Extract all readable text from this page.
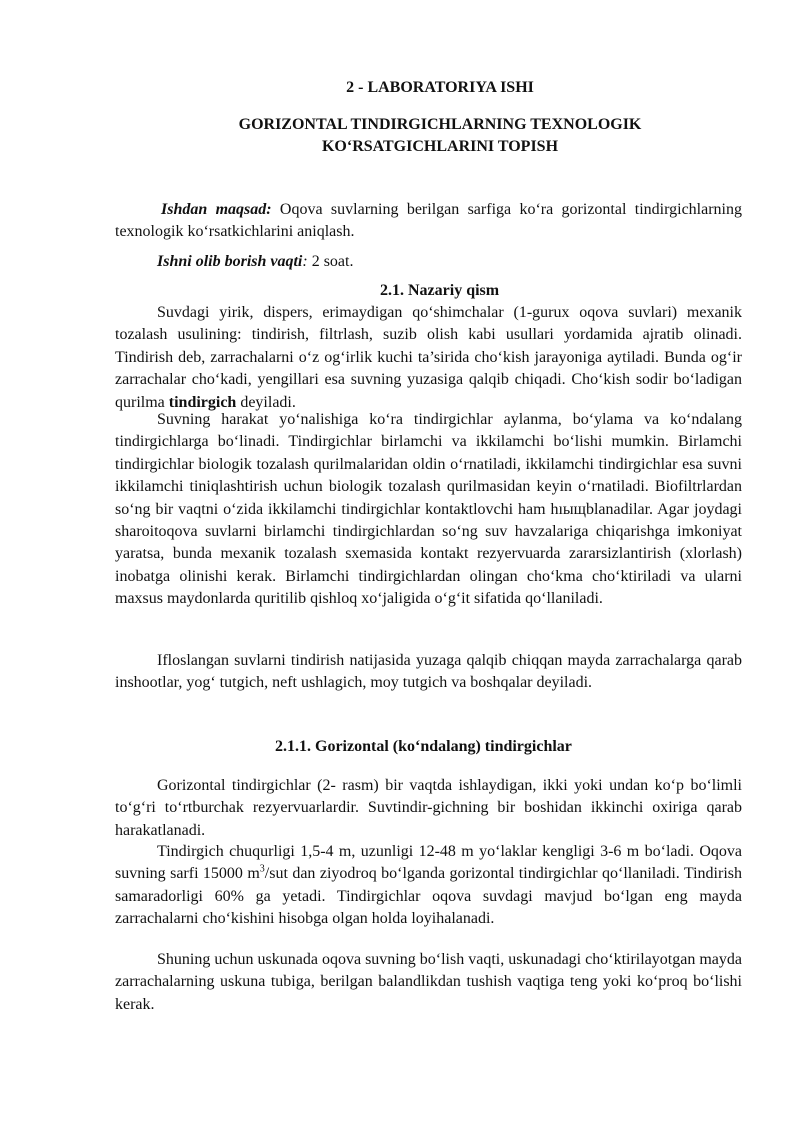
2 - LABORATORIYA ISHI
GORIZONTAL TINDIRGICHLARNING TEXNOLOGIK
KO‘RSATGICHLARINI TOPISH
Ishdan maqsad: Oqova suvlarning berilgan sarfiga ko‘ra gorizontal tindirgichlarning texnologik ko‘rsatkichlarini aniqlash.
Ishni olib borish vaqti: 2 soat.
2.1. Nazariy qism
Suvdagi yirik, dispers, erimaydigan qo‘shimchalar (1-gurux oqova suvlari) mexanik tozalash usulining: tindirish, filtrlash, suzib olish kabi usullari yordamida ajratib olinadi. Tindirish deb, zarrachalarni o‘z og‘irlik kuchi ta’sirida cho‘kish jarayoniga aytiladi. Bunda og‘ir zarrachalar cho‘kadi, yengillari esa suvning yuzasiga qalqib chiqadi. Cho‘kish sodir bo‘ladigan qurilma tindirgich deyiladi.
Suvning harakat yo‘nalishiga ko‘ra tindirgichlar aylanma, bo‘ylama va ko‘ndalang tindirgichlarga bo‘linadi. Tindirgichlar birlamchi va ikkilamchi bo‘lishi mumkin. Birlamchi tindirgichlar biologik tozalash qurilmalaridan oldin o‘rnatiladi, ikkilamchi tindirgichlar esa suvni ikkilamchi tiniqlashtirish uchun biologik tozalash qurilmasidan keyin o‘rnatiladi. Biofiltrlardan so‘ng bir vaqtni o‘zida ikkilamchi tindirgichlar kontaktlovchi ham hıыщblanadilar. Agar joydagi sharoitoqova suvlarni birlamchi tindirgichlardan so‘ng suv havzalariga chiqarishga imkoniyat yaratsa, bunda mexanik tozalash sxemasida kontakt rezyervuarda zararsizlantirish (xlorlash) inobatga olinishi kerak. Birlamchi tindirgichlardan olingan cho‘kma cho‘ktiriladi va ularni maxsus maydonlarda quritilib qishloq xo‘jaligida o‘g‘it sifatida qo‘llaniladi.
Ifloslangan suvlarni tindirish natijasida yuzaga qalqib chiqqan mayda zarrachalarga qarab inshootlar, yog‘ tutgich, neft ushlagich, moy tutgich va boshqalar deyiladi.
2.1.1. Gorizontal (ko‘ndalang) tindirgichlar
Gorizontal tindirgichlar (2- rasm) bir vaqtda ishlaydigan, ikki yoki undan ko‘p bo‘limli to‘g‘ri to‘rtburchak rezyervuarlardir. Suvtindir-gichning bir boshidan ikkinchi oxiriga qarab harakatlanadi.
Tindirgich chuqurligi 1,5-4 m, uzunligi 12-48 m yo‘laklar kengligi 3-6 m bo‘ladi. Oqova suvning sarfi 15000 $m^3$/sut dan ziyodroq bo‘lganda gorizontal tindirgichlar qo‘llaniladi. Tindirish samaradorligi 60% ga yetadi. Tindirgichlar oqova suvdagi mavjud bo‘lgan eng mayda zarrachalarni cho‘kishini hisobga olgan holda loyihalanadi.
Shuning uchun uskunada oqova suvning bo‘lish vaqti, uskunadagi cho‘ktirilayotgan mayda zarrachalarning uskuna tubiga, berilgan balandlikdan tushish vaqtiga teng yoki ko‘proq bo‘lishi kerak.
